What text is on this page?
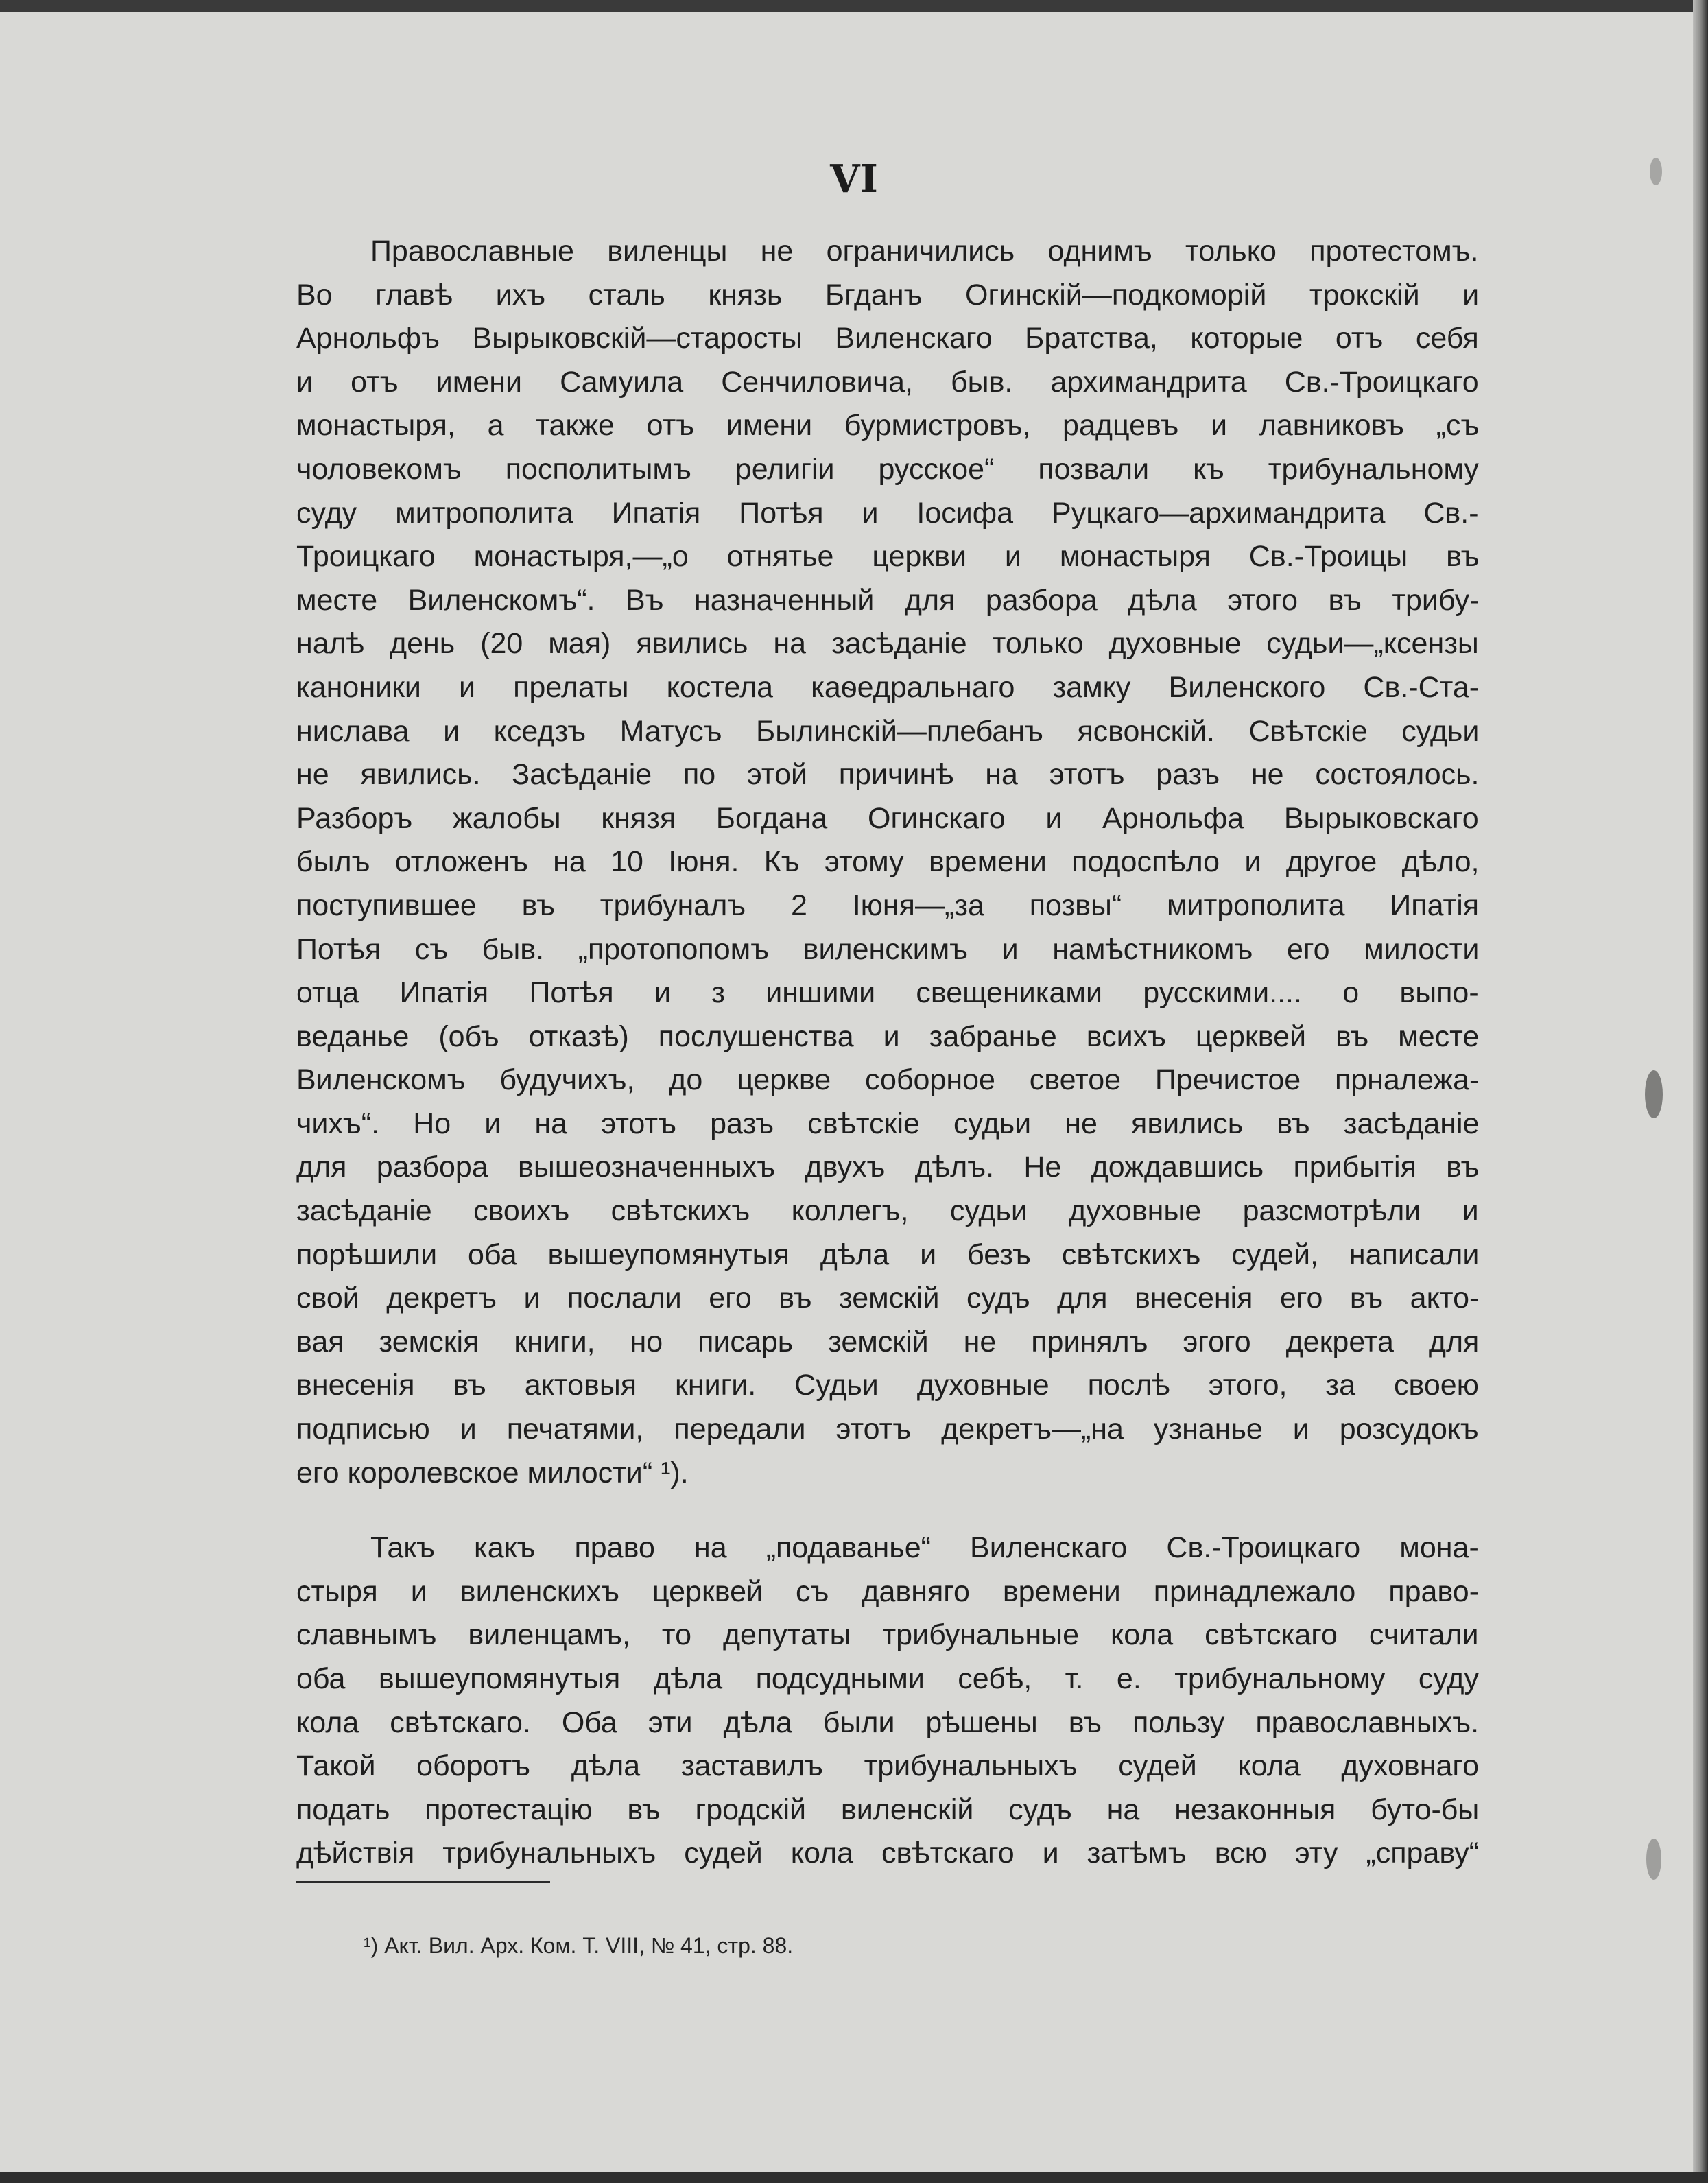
VI
Православные виленцы не ограничились однимъ только протестомъ.
Во главѣ ихъ сталь князь Бгданъ Огинскій—подкоморій трокскій и
Арнольфъ Вырыковскій—старосты Виленскаго Братства, которые отъ себя
и отъ имени Самуила Сенчиловича, быв. архимандрита Св.-Троицкаго
монастыря, а также отъ имени бурмистровъ, радцевъ и лавниковъ „съ
чоловекомъ посполитымъ религіи русское“ позвали къ трибунальному
суду митрополита Ипатія Потѣя и Іосифа Руцкаго—архимандрита Св.-
Троицкаго монастыря,—„о отнятье церкви и монастыря Св.-Троицы въ
месте Виленскомъ“. Въ назначенный для разбора дѣла этого въ трибу-
налѣ день (20 мая) явились на засѣданіе только духовные судьи—„ксензы
каноники и прелаты костела каѳедральнаго замку Виленского Св.-Ста-
нислава и кседзъ Матусъ Былинскій—плебанъ ясвонскій. Свѣтскіе судьи
не явились. Засѣданіе по этой причинѣ на этотъ разъ не состоялось.
Разборъ жалобы князя Богдана Огинскаго и Арнольфа Вырыковскаго
былъ отложенъ на 10 Іюня. Къ этому времени подоспѣло и другое дѣло,
поступившее въ трибуналъ 2 Іюня—„за позвы“ митрополита Ипатія
Потѣя съ быв. „протопопомъ виленскимъ и намѣстникомъ его милости
отца Ипатія Потѣя и з иншими свещениками русскими.... о выпо-
веданье (объ отказѣ) послушенства и забранье всихъ церквей въ месте
Виленскомъ будучихъ, до церкве соборное светое Пречистое прналежа-
чихъ“. Но и на этотъ разъ свѣтскіе судьи не явились въ засѣданіе
для разбора вышеозначенныхъ двухъ дѣлъ. Не дождавшись прибытія въ
засѣданіе своихъ свѣтскихъ коллегъ, судьи духовные разсмотрѣли и
порѣшили оба вышеупомянутыя дѣла и безъ свѣтскихъ судей, написали
свой декретъ и послали его въ земскій судъ для внесенія его въ акто-
вая земскія книги, но писарь земскій не принялъ эгого декрета для
внесенія въ актовыя книги. Судьи духовные послѣ этого, за своею
подписью и печатями, передали этотъ декретъ—„на узнанье и розсудокъ
его королевское милости“ ¹).
Такъ какъ право на „подаванье“ Виленскаго Св.-Троицкаго мона-
стыря и виленскихъ церквей съ давняго времени принадлежало право-
славнымъ виленцамъ, то депутаты трибунальные кола свѣтскаго считали
оба вышеупомянутыя дѣла подсудными себѣ, т. е. трибунальному суду
кола свѣтскаго. Оба эти дѣла были рѣшены въ пользу православныхъ.
Такой оборотъ дѣла заставилъ трибунальныхъ судей кола духовнаго
подать протестацію въ гродскій виленскій судъ на незаконныя буто-бы
дѣйствія трибунальныхъ судей кола свѣтскаго и затѣмъ всю эту „справу“
¹) Акт. Вил. Арх. Ком. Т. VIII, № 41, стр. 88.
